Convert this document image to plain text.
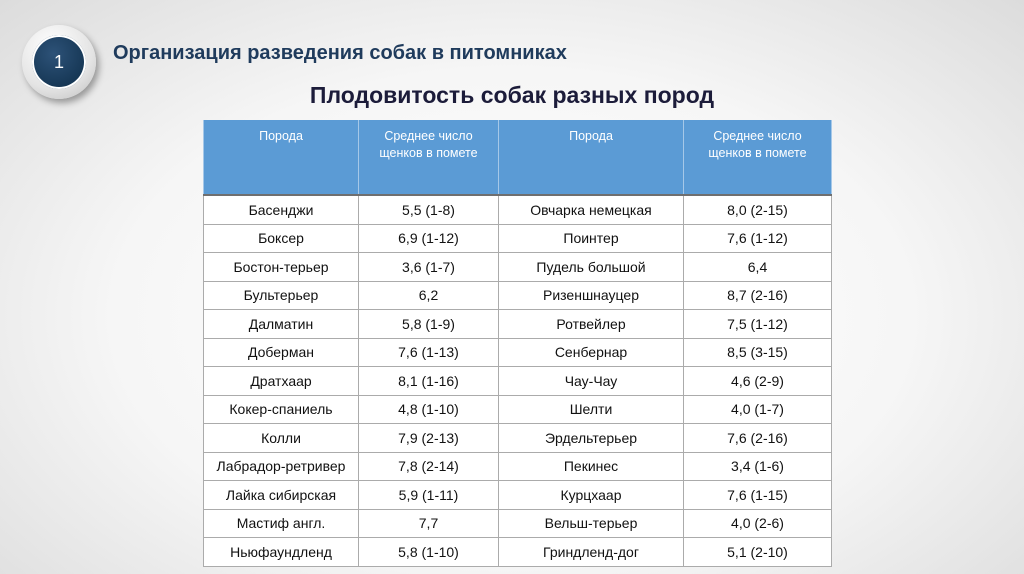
1	Организация разведения собак в питомниках
Плодовитость собак разных пород
Порода	Среднее число щенков в помете	Порода	Среднее число щенков в помете
Басенджи	5,5 (1-8)	Овчарка немецкая	8,0 (2-15)
Боксер	6,9 (1-12)	Поинтер	7,6 (1-12)
Бостон-терьер	3,6 (1-7)	Пудель большой	6,4
Бультерьер	6,2	Ризеншнауцер	8,7 (2-16)
Далматин	5,8 (1-9)	Ротвейлер	7,5 (1-12)
Доберман	7,6 (1-13)	Сенбернар	8,5 (3-15)
Дратхаар	8,1 (1-16)	Чау-Чау	4,6 (2-9)
Кокер-спаниель	4,8 (1-10)	Шелти	4,0 (1-7)
Колли	7,9 (2-13)	Эрдельтерьер	7,6 (2-16)
Лабрадор-ретривер	7,8 (2-14)	Пекинес	3,4 (1-6)
Лайка сибирская	5,9 (1-11)	Курцхаар	7,6 (1-15)
Мастиф англ.	7,7	Вельш-терьер	4,0 (2-6)
Ньюфаундленд	5,8 (1-10)	Гриндленд-дог	5,1 (2-10)
